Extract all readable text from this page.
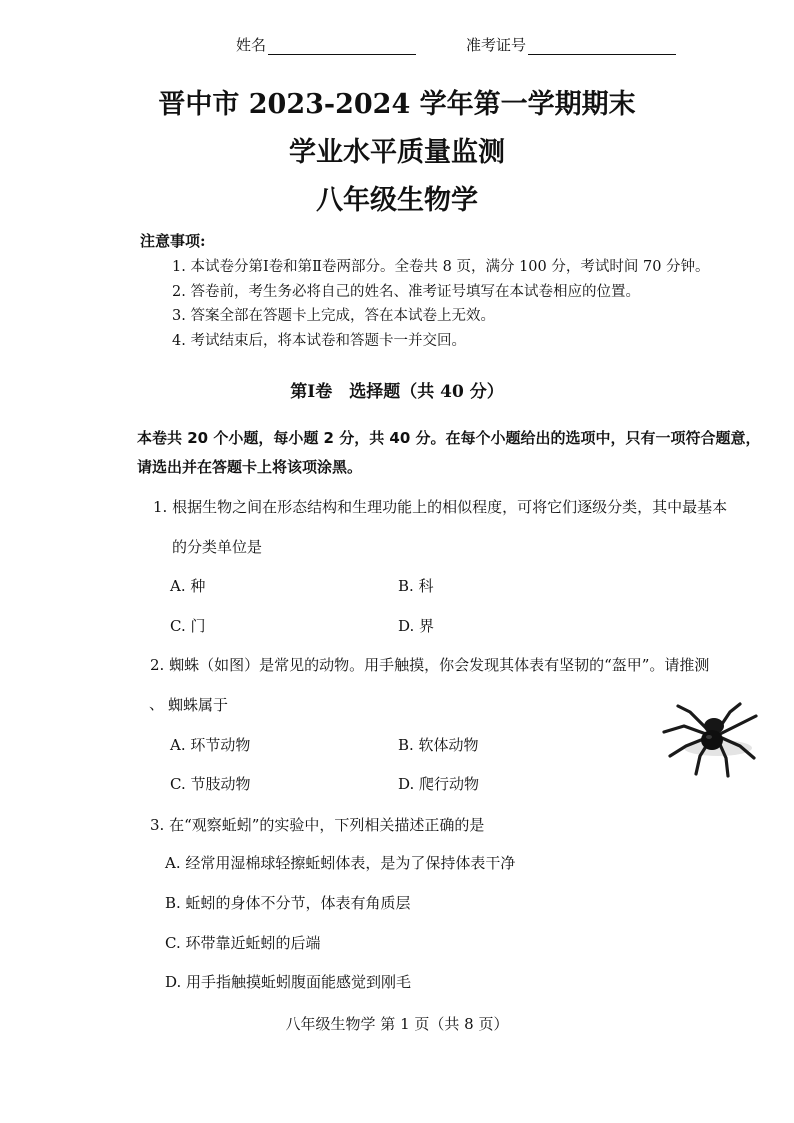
姓名	准考证号
晋中市 2023-2024 学年第一学期期末
学业水平质量监测
八年级生物学
注意事项:
1. 本试卷分第Ⅰ卷和第Ⅱ卷两部分。全卷共 8 页，满分 100 分，考试时间 70 分钟。
2. 答卷前，考生务必将自己的姓名、准考证号填写在本试卷相应的位置。
3. 答案全部在答题卡上完成，答在本试卷上无效。
4. 考试结束后，将本试卷和答题卡一并交回。
第Ⅰ卷　选择题（共 40 分）
本卷共 20 个小题，每小题 2 分，共 40 分。在每个小题给出的选项中，只有一项符合题意，
请选出并在答题卡上将该项涂黑。
1. 根据生物之间在形态结构和生理功能上的相似程度，可将它们逐级分类，其中最基本
的分类单位是
A. 种	B. 科
C. 门	D. 界
2. 蜘蛛（如图）是常见的动物。用手触摸，你会发现其体表有坚韧的“盔甲”。请推测
、 蜘蛛属于
A. 环节动物	B. 软体动物
C. 节肢动物	D. 爬行动物
3. 在“观察蚯蚓”的实验中，下列相关描述正确的是
A. 经常用湿棉球轻擦蚯蚓体表，是为了保持体表干净
B. 蚯蚓的身体不分节，体表有角质层
C. 环带靠近蚯蚓的后端
D. 用手指触摸蚯蚓腹面能感觉到刚毛
八年级生物学 第 1 页（共 8 页）
